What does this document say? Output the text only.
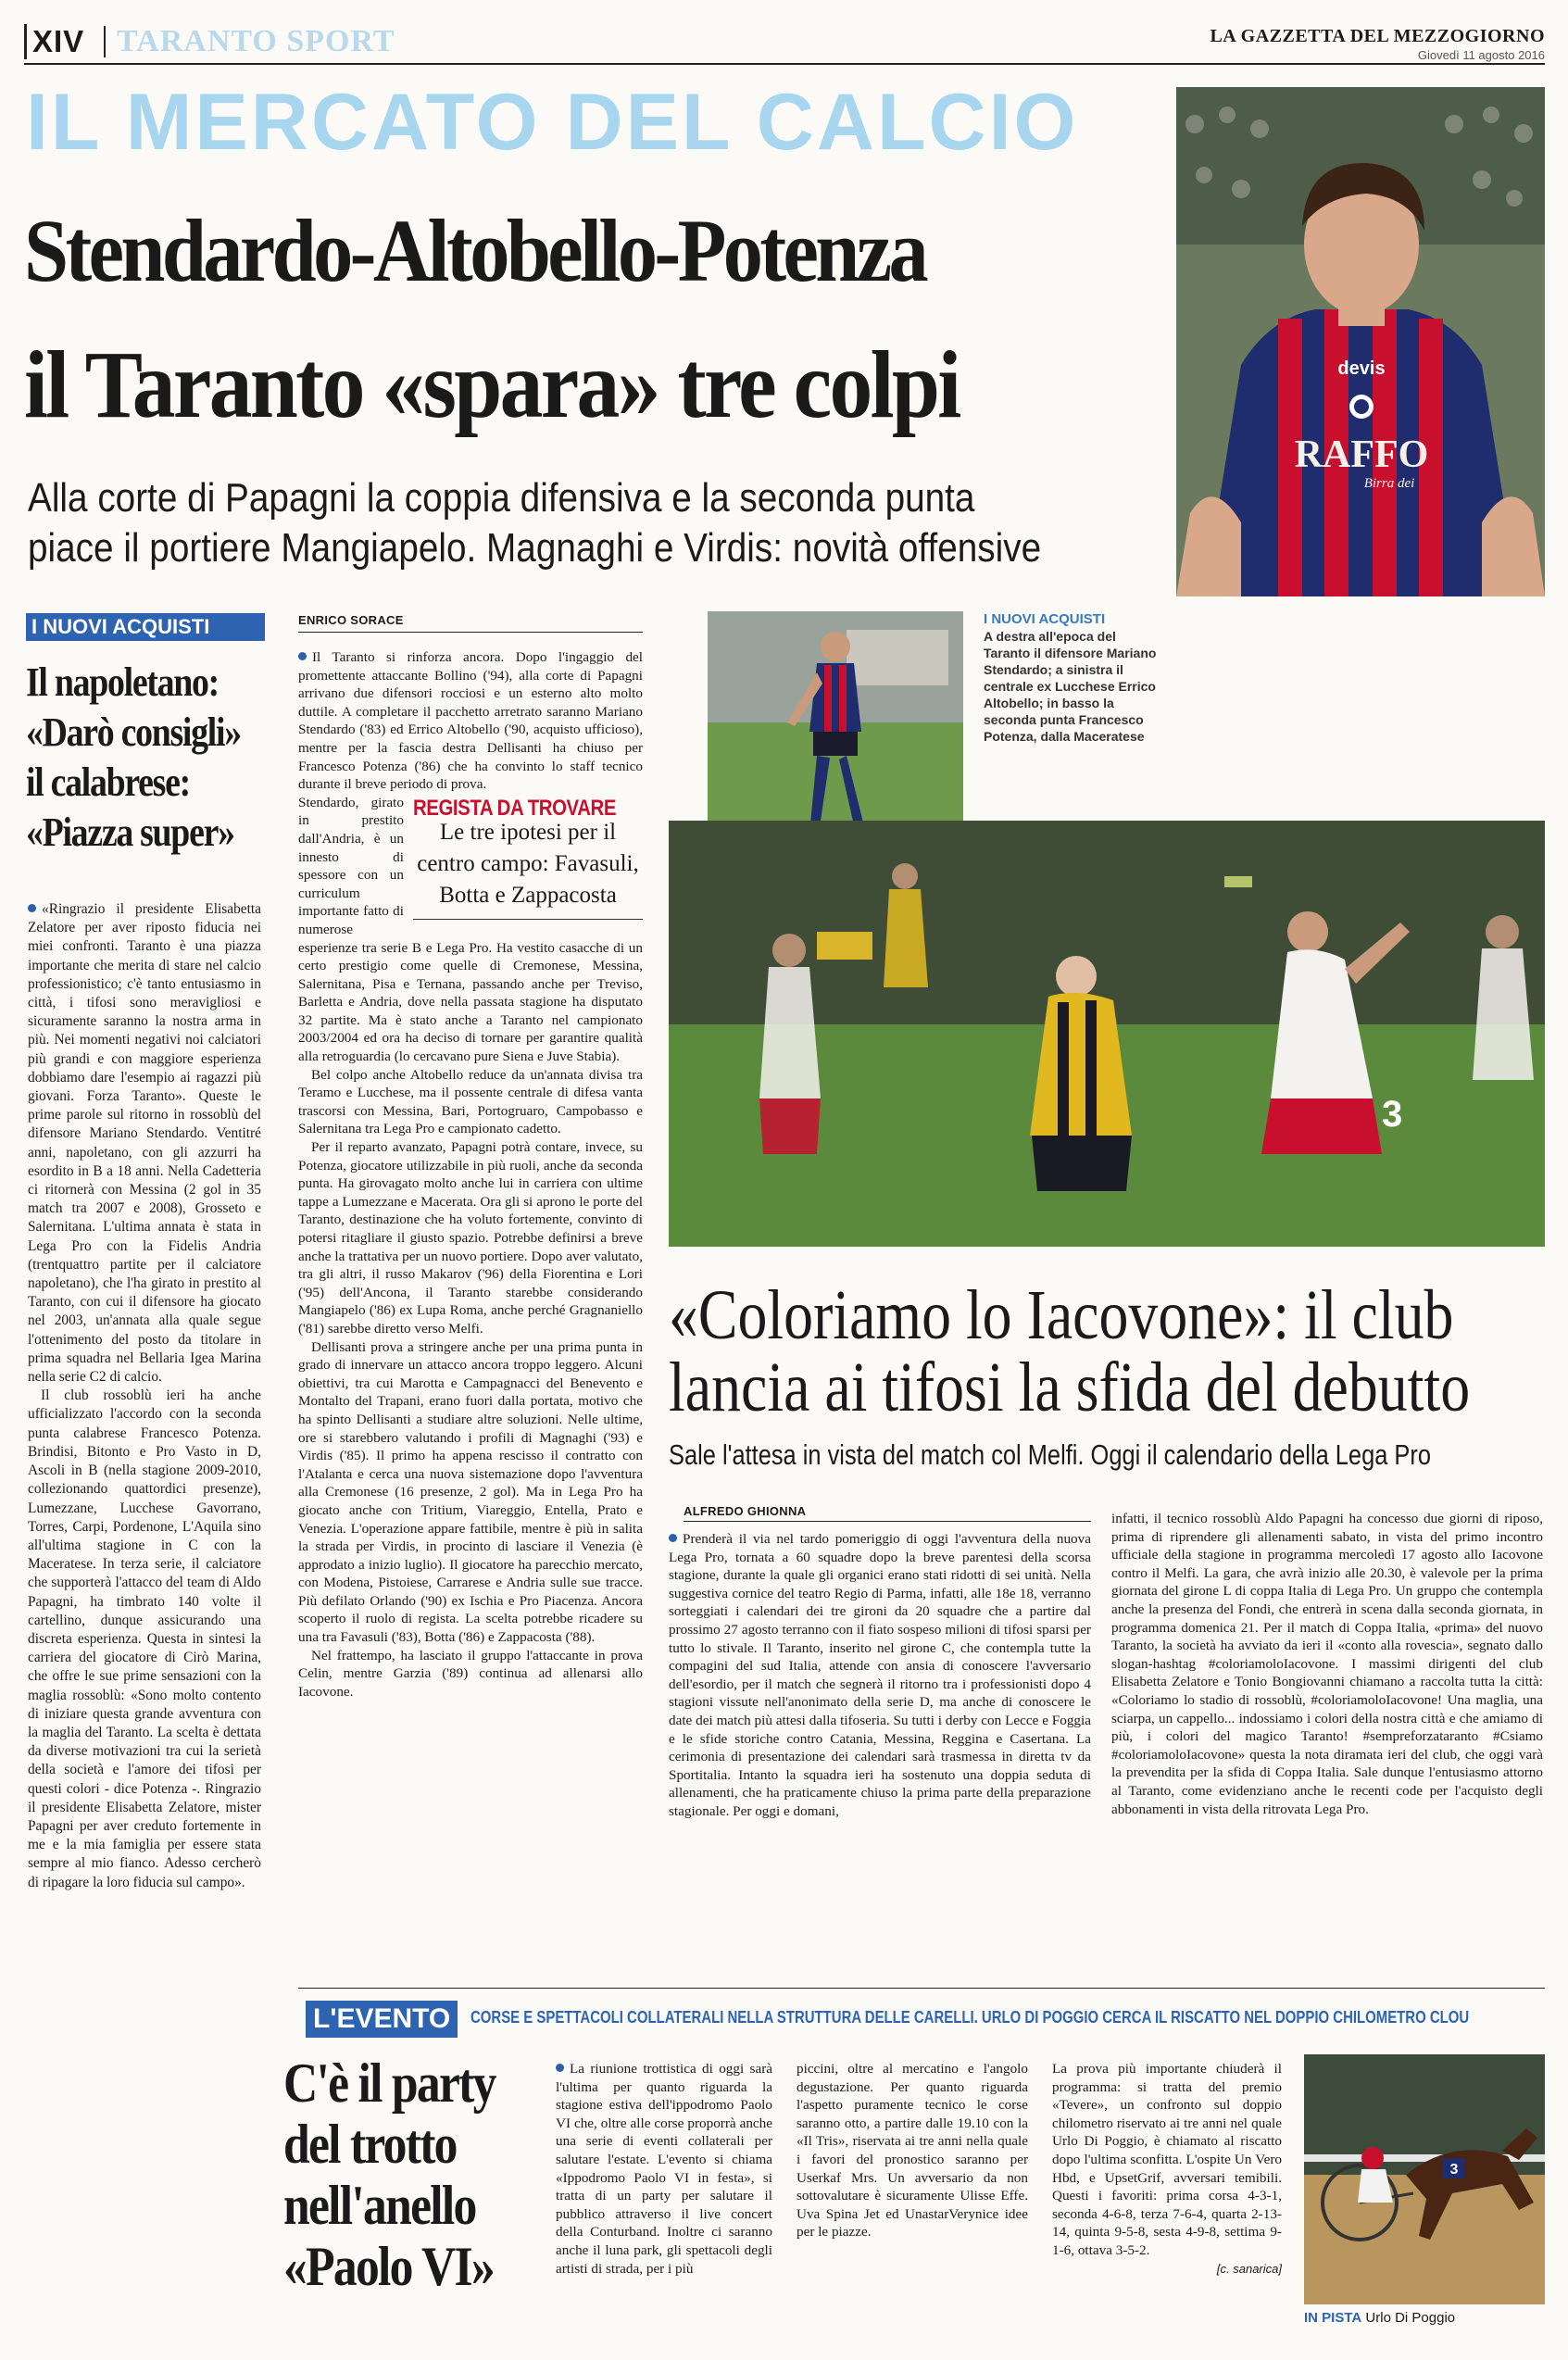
XIV TARANTO SPORT	LA GAZZETTA DEL MEZZOGIORNO
Giovedì 11 agosto 2016
IL MERCATO DEL CALCIO
Stendardo-Altobello-Potenza
il Taranto «spara» tre colpi
Alla corte di Papagni la coppia difensiva e la seconda punta
piace il portiere Mangiapelo. Magnaghi e Virdis: novità offensive
devis
RAFFO
Birra dei
I NUOVI ACQUISTI
Il napoletano:
«Darò consigli»
il calabrese:
«Piazza super»

«Ringrazio il presidente Elisabetta Zelatore per aver riposto fiducia nei miei confronti. Taranto è una piazza importante che merita di stare nel calcio professionistico; c'è tanto entusiasmo in città, i tifosi sono meravigliosi e sicuramente saranno la nostra arma in più. Nei momenti negativi noi calciatori più grandi e con maggiore esperienza dobbiamo dare l'esempio ai ragazzi più giovani. Forza Taranto». Queste le prime parole sul ritorno in rossoblù del difensore Mariano Stendardo. Ventitré anni, napoletano, con gli azzurri ha esordito in B a 18 anni. Nella Cadetteria ci ritornerà con Messina (2 gol in 35 match tra 2007 e 2008), Grosseto e Salernitana. L'ultima annata è stata in Lega Pro con la Fidelis Andria (trentquattro partite per il calciatore napoletano), che l'ha girato in prestito al Taranto, con cui il difensore ha giocato nel 2003, un'annata alla quale segue l'ottenimento del posto da titolare in prima squadra nel Bellaria Igea Marina nella serie C2 di calcio.

Il club rossoblù ieri ha anche ufficializzato l'accordo con la seconda punta calabrese Francesco Potenza. Brindisi, Bitonto e Pro Vasto in D, Ascoli in B (nella stagione 2009-2010, collezionando quattordici presenze), Lumezzane, Lucchese Gavorrano, Torres, Carpi, Pordenone, L'Aquila sino all'ultima stagione in C con la Maceratese. In terza serie, il calciatore che supporterà l'attacco del team di Aldo Papagni, ha timbrato 140 volte il cartellino, dunque assicurando una discreta esperienza. Questa in sintesi la carriera del giocatore di Cirò Marina, che offre le sue prime sensazioni con la maglia rossoblù: «Sono molto contento di iniziare questa grande avventura con la maglia del Taranto. La scelta è dettata da diverse motivazioni tra cui la serietà della società e l'amore dei tifosi per questi colori - dice Potenza -. Ringrazio il presidente Elisabetta Zelatore, mister Papagni per aver creduto fortemente in me e la mia famiglia per essere stata sempre al mio fianco. Adesso cercherò di ripagare la loro fiducia sul campo».

ENRICO SORACE

Il Taranto si rinforza ancora. Dopo l'ingaggio del promettente attaccante Bollino ('94), alla corte di Papagni arrivano due difensori rocciosi e un esterno alto molto duttile. A completare il pacchetto arretrato saranno Mariano Stendardo ('83) ed Errico Altobello ('90, acquisto ufficioso), mentre per la fascia destra Dellisanti ha chiuso per Francesco Potenza ('86) che ha convinto lo staff tecnico durante il breve periodo di prova.

REGISTA DA TROVARE
Le tre ipotesi per il centro campo: Favasuli, Botta e Zappacosta

Stendardo, girato in prestito dall'Andria, è un innesto di spessore con un curriculum importante fatto di numerose esperienze tra serie B e Lega Pro. Ha vestito casacche di un certo prestigio come quelle di Cremonese, Messina, Salernitana, Pisa e Ternana, passando anche per Treviso, Barletta e Andria, dove nella passata stagione ha disputato 32 partite. Ma è stato anche a Taranto nel campionato 2003/2004 ed ora ha deciso di tornare per garantire qualità alla retroguardia (lo cercavano pure Siena e Juve Stabia).

Bel colpo anche Altobello reduce da un'annata divisa tra Teramo e Lucchese, ma il possente centrale di difesa vanta trascorsi con Messina, Bari, Portogruaro, Campobasso e Salernitana tra Lega Pro e campionato cadetto.

Per il reparto avanzato, Papagni potrà contare, invece, su Potenza, giocatore utilizzabile in più ruoli, anche da seconda punta. Ha girovagato molto anche lui in carriera con ultime tappe a Lumezzane e Macerata. Ora gli si aprono le porte del Taranto, destinazione che ha voluto fortemente, convinto di potersi ritagliare il giusto spazio. Potrebbe definirsi a breve anche la trattativa per un nuovo portiere. Dopo aver valutato, tra gli altri, il russo Makarov ('96) della Fiorentina e Lori ('95) dell'Ancona, il Taranto starebbe considerando Mangiapelo ('86) ex Lupa Roma, anche perché Gragnaniello ('81) sarebbe diretto verso Melfi.

Dellisanti prova a stringere anche per una prima punta in grado di innervare un attacco ancora troppo leggero. Alcuni obiettivi, tra cui Marotta e Campagnacci del Benevento e Montalto del Trapani, erano fuori dalla portata, motivo che ha spinto Dellisanti a studiare altre soluzioni. Nelle ultime, ore si starebbero valutando i profili di Magnaghi ('93) e Virdis ('85). Il primo ha appena rescisso il contratto con l'Atalanta e cerca una nuova sistemazione dopo l'avventura alla Cremonese (16 presenze, 2 gol). Ma in Lega Pro ha giocato anche con Tritium, Viareggio, Entella, Prato e Venezia. L'operazione appare fattibile, mentre è più in salita la strada per Virdis, in procinto di lasciare il Venezia (è approdato a inizio luglio). Il giocatore ha parecchio mercato, con Modena, Pistoiese, Carrarese e Andria sulle sue tracce. Più defilato Orlando ('90) ex Ischia e Pro Piacenza. Ancora scoperto il ruolo di regista. La scelta potrebbe ricadere su una tra Favasuli ('83), Botta ('86) e Zappacosta ('88).

Nel frattempo, ha lasciato il gruppo l'attaccante in prova Celin, mentre Garzia ('89) continua ad allenarsi allo Iacovone.

I NUOVI ACQUISTI
A destra all'epoca del Taranto il difensore Mariano Stendardo; a sinistra il centrale ex Lucchese Errico Altobello; in basso la seconda punta Francesco Potenza, dalla Maceratese
3
«Coloriamo lo Iacovone»: il club
lancia ai tifosi la sfida del debutto
Sale l'attesa in vista del match col Melfi. Oggi il calendario della Lega Pro
ALFREDO GHIONNA

Prenderà il via nel tardo pomeriggio di oggi l'avventura della nuova Lega Pro, tornata a 60 squadre dopo la breve parentesi della scorsa stagione, durante la quale gli organici erano stati ridotti di sei unità. Nella suggestiva cornice del teatro Regio di Parma, infatti, alle 18e 18, verranno sorteggiati i calendari dei tre gironi da 20 squadre che a partire dal prossimo 27 agosto terranno con il fiato sospeso milioni di tifosi sparsi per tutto lo stivale. Il Taranto, inserito nel girone C, che contempla tutte la compagini del sud Italia, attende con ansia di conoscere l'avversario dell'esordio, per il match che segnerà il ritorno tra i professionisti dopo 4 stagioni vissute nell'anonimato della serie D, ma anche di conoscere le date dei match più attesi dalla tifoseria. Su tutti i derby con Lecce e Foggia e le sfide storiche contro Catania, Messina, Reggina e Casertana. La cerimonia di presentazione dei calendari sarà trasmessa in diretta tv da Sportitalia. Intanto la squadra ieri ha sostenuto una doppia seduta di allenamenti, che ha praticamente chiuso la prima parte della preparazione stagionale. Per oggi e domani,

infatti, il tecnico rossoblù Aldo Papagni ha concesso due giorni di riposo, prima di riprendere gli allenamenti sabato, in vista del primo incontro ufficiale della stagione in programma mercoledì 17 agosto allo Iacovone contro il Melfi. La gara, che avrà inizio alle 20.30, è valevole per la prima giornata del girone L di coppa Italia di Lega Pro. Un gruppo che contempla anche la presenza del Fondi, che entrerà in scena dalla seconda giornata, in programma domenica 21. Per il match di Coppa Italia, «prima» del nuovo Taranto, la società ha avviato da ieri il «conto alla rovescia», segnato dallo slogan-hashtag #coloriamoloIacovone. I massimi dirigenti del club Elisabetta Zelatore e Tonio Bongiovanni chiamano a raccolta tutta la città: «Coloriamo lo stadio di rossoblù, #coloriamoloIacovone! Una maglia, una sciarpa, un cappello... indossiamo i colori della nostra città e che amiamo di più, i colori del magico Taranto! #sempreforzataranto #Csiamo #coloriamoloIacovone» questa la nota diramata ieri del club, che oggi varà la prevendita per la sfida di Coppa Italia. Sale dunque l'entusiasmo attorno al Taranto, come evidenziano anche le recenti code per l'acquisto degli abbonamenti in vista della ritrovata Lega Pro.
L'EVENTO	CORSE E SPETTACOLI COLLATERALI NELLA STRUTTURA DELLE CARELLI. URLO DI POGGIO CERCA IL RISCATTO NEL DOPPIO CHILOMETRO CLOU
C'è il party
del trotto
nell'anello
«Paolo VI»

La riunione trottistica di oggi sarà l'ultima per quanto riguarda la stagione estiva dell'ippodromo Paolo VI che, oltre alle corse proporrà anche una serie di eventi collaterali per salutare l'estate. L'evento si chiama «Ippodromo Paolo VI in festa», si tratta di un party per salutare il pubblico attraverso il live concert della Conturband. Inoltre ci saranno anche il luna park, gli spettacoli degli artisti di strada, per i più

piccini, oltre al mercatino e l'angolo degustazione. Per quanto riguarda l'aspetto puramente tecnico le corse saranno otto, a partire dalle 19.10 con la «Il Tris», riservata ai tre anni nella quale i favori del pronostico saranno per Userkaf Mrs. Un avversario da non sottovalutare è sicuramente Ulisse Effe. Uva Spina Jet ed UnastarVerynice idee per le piazze.

La prova più importante chiuderà il programma: si tratta del premio «Tevere», un confronto sul doppio chilometro riservato ai tre anni nel quale Urlo Di Poggio, è chiamato al riscatto dopo l'ultima sconfitta. L'ospite Un Vero Hbd, e UpsetGrif, avversari temibili. Questi i favoriti: prima corsa 4-3-1, seconda 4-6-8, terza 7-6-4, quarta 2-13-14, quinta 9-5-8, sesta 4-9-8, settima 9-1-6, ottava 3-5-2.

[c. sanarica]
3
IN PISTA Urlo Di Poggio
